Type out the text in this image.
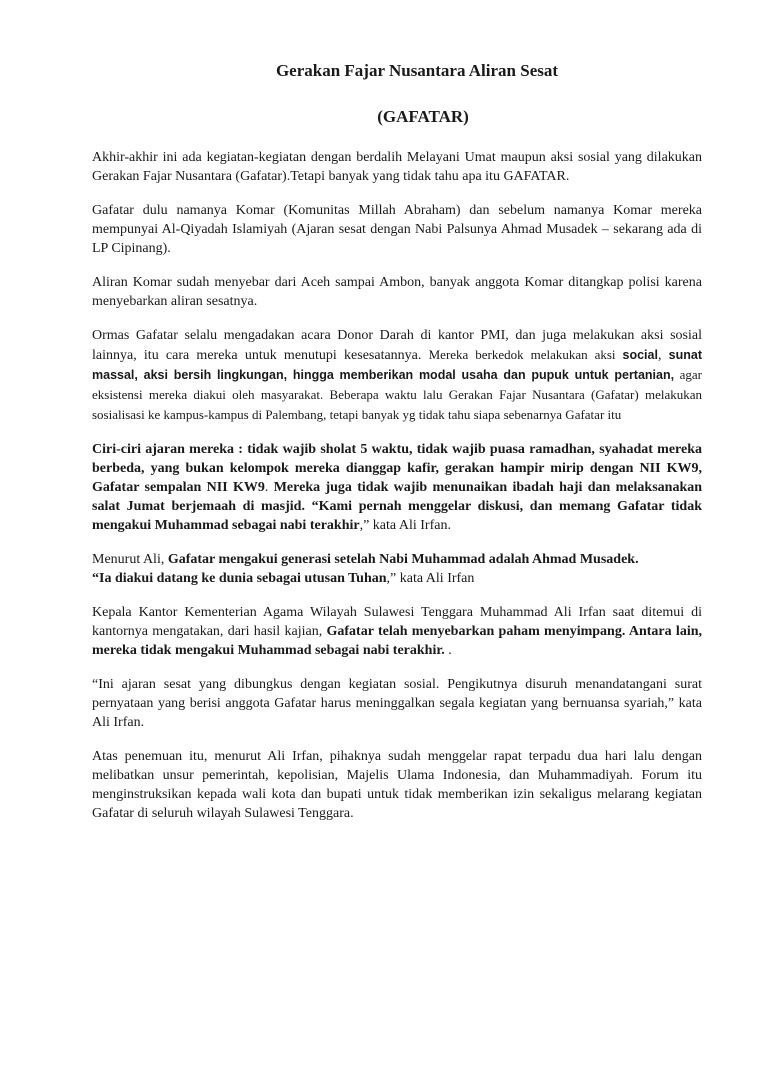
Gerakan Fajar Nusantara Aliran Sesat
(GAFATAR)

Akhir-akhir ini ada kegiatan-kegiatan dengan berdalih Melayani Umat maupun aksi sosial yang dilakukan Gerakan Fajar Nusantara (Gafatar).Tetapi banyak yang tidak tahu apa itu GAFATAR.

Gafatar dulu namanya Komar (Komunitas Millah Abraham) dan sebelum namanya Komar mereka mempunyai Al-Qiyadah Islamiyah (Ajaran sesat dengan Nabi Palsunya Ahmad Musadek – sekarang ada di LP Cipinang).

Aliran Komar sudah menyebar dari Aceh sampai Ambon, banyak anggota Komar ditangkap polisi karena menyebarkan aliran sesatnya.

Ormas Gafatar selalu mengadakan acara Donor Darah di kantor PMI, dan juga melakukan aksi sosial lainnya, itu cara mereka untuk menutupi kesesatannya. Mereka berkedok melakukan aksi social, sunat massal, aksi bersih lingkungan, hingga memberikan modal usaha dan pupuk untuk pertanian, agar eksistensi mereka diakui oleh masyarakat. Beberapa waktu lalu Gerakan Fajar Nusantara (Gafatar) melakukan sosialisasi ke kampus-kampus di Palembang, tetapi banyak yg tidak tahu siapa sebenarnya Gafatar itu

Ciri-ciri ajaran mereka : tidak wajib sholat 5 waktu, tidak wajib puasa ramadhan, syahadat mereka berbeda, yang bukan kelompok mereka dianggap kafir, gerakan hampir mirip dengan NII KW9, Gafatar sempalan NII KW9. Mereka juga tidak wajib menunaikan ibadah haji dan melaksanakan salat Jumat berjemaah di masjid. “Kami pernah menggelar diskusi, dan memang Gafatar tidak mengakui Muhammad sebagai nabi terakhir,” kata Ali Irfan.

Menurut Ali, Gafatar mengakui generasi setelah Nabi Muhammad adalah Ahmad Musadek.
“Ia diakui datang ke dunia sebagai utusan Tuhan,” kata Ali Irfan

Kepala Kantor Kementerian Agama Wilayah Sulawesi Tenggara Muhammad Ali Irfan saat ditemui di kantornya mengatakan, dari hasil kajian, Gafatar telah menyebarkan paham menyimpang. Antara lain, mereka tidak mengakui Muhammad sebagai nabi terakhir. .

“Ini ajaran sesat yang dibungkus dengan kegiatan sosial. Pengikutnya disuruh menandatangani surat pernyataan yang berisi anggota Gafatar harus meninggalkan segala kegiatan yang bernuansa syariah,” kata Ali Irfan.

Atas penemuan itu, menurut Ali Irfan, pihaknya sudah menggelar rapat terpadu dua hari lalu dengan melibatkan unsur pemerintah, kepolisian, Majelis Ulama Indonesia, dan Muhammadiyah. Forum itu menginstruksikan kepada wali kota dan bupati untuk tidak memberikan izin sekaligus melarang kegiatan Gafatar di seluruh wilayah Sulawesi Tenggara.
